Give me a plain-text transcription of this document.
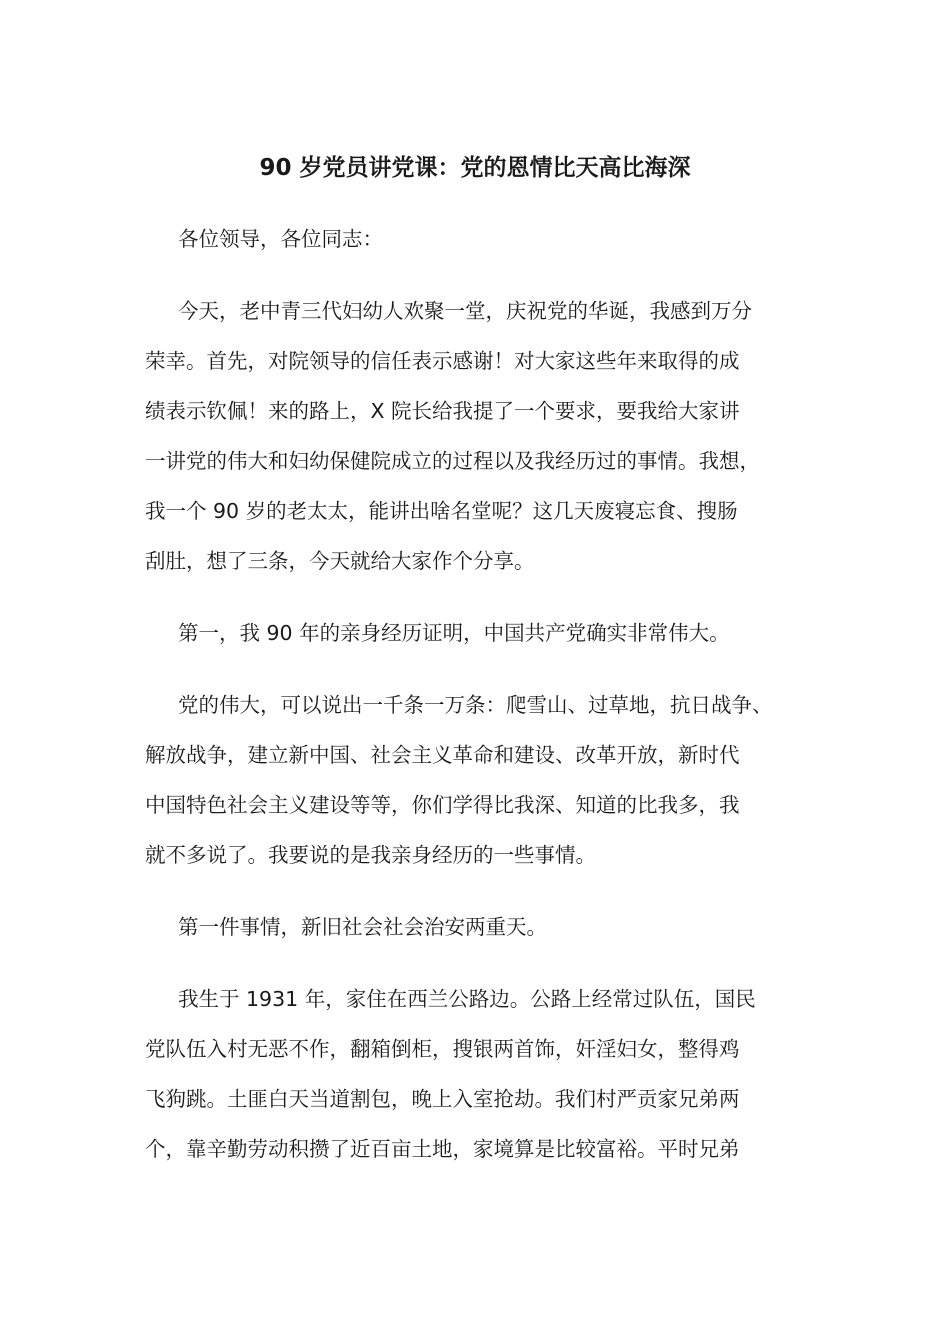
90 岁党员讲党课：党的恩情比天高比海深

各位领导，各位同志：

今天，老中青三代妇幼人欢聚一堂，庆祝党的华诞，我感到万分

荣幸。首先，对院领导的信任表示感谢！对大家这些年来取得的成

绩表示钦佩！来的路上，X 院长给我提了一个要求，要我给大家讲

一讲党的伟大和妇幼保健院成立的过程以及我经历过的事情。我想，

我一个 90 岁的老太太，能讲出啥名堂呢？这几天废寝忘食、搜肠

刮肚，想了三条，今天就给大家作个分享。

第一，我 90 年的亲身经历证明，中国共产党确实非常伟大。

党的伟大，可以说出一千条一万条：爬雪山、过草地，抗日战争、

解放战争，建立新中国、社会主义革命和建设、改革开放，新时代

中国特色社会主义建设等等，你们学得比我深、知道的比我多，我

就不多说了。我要说的是我亲身经历的一些事情。

第一件事情，新旧社会社会治安两重天。

我生于 1931 年，家住在西兰公路边。公路上经常过队伍，国民

党队伍入村无恶不作，翻箱倒柜，搜银两首饰，奸淫妇女，整得鸡

飞狗跳。土匪白天当道割包，晚上入室抢劫。我们村严贡家兄弟两

个，靠辛勤劳动积攒了近百亩土地，家境算是比较富裕。平时兄弟
